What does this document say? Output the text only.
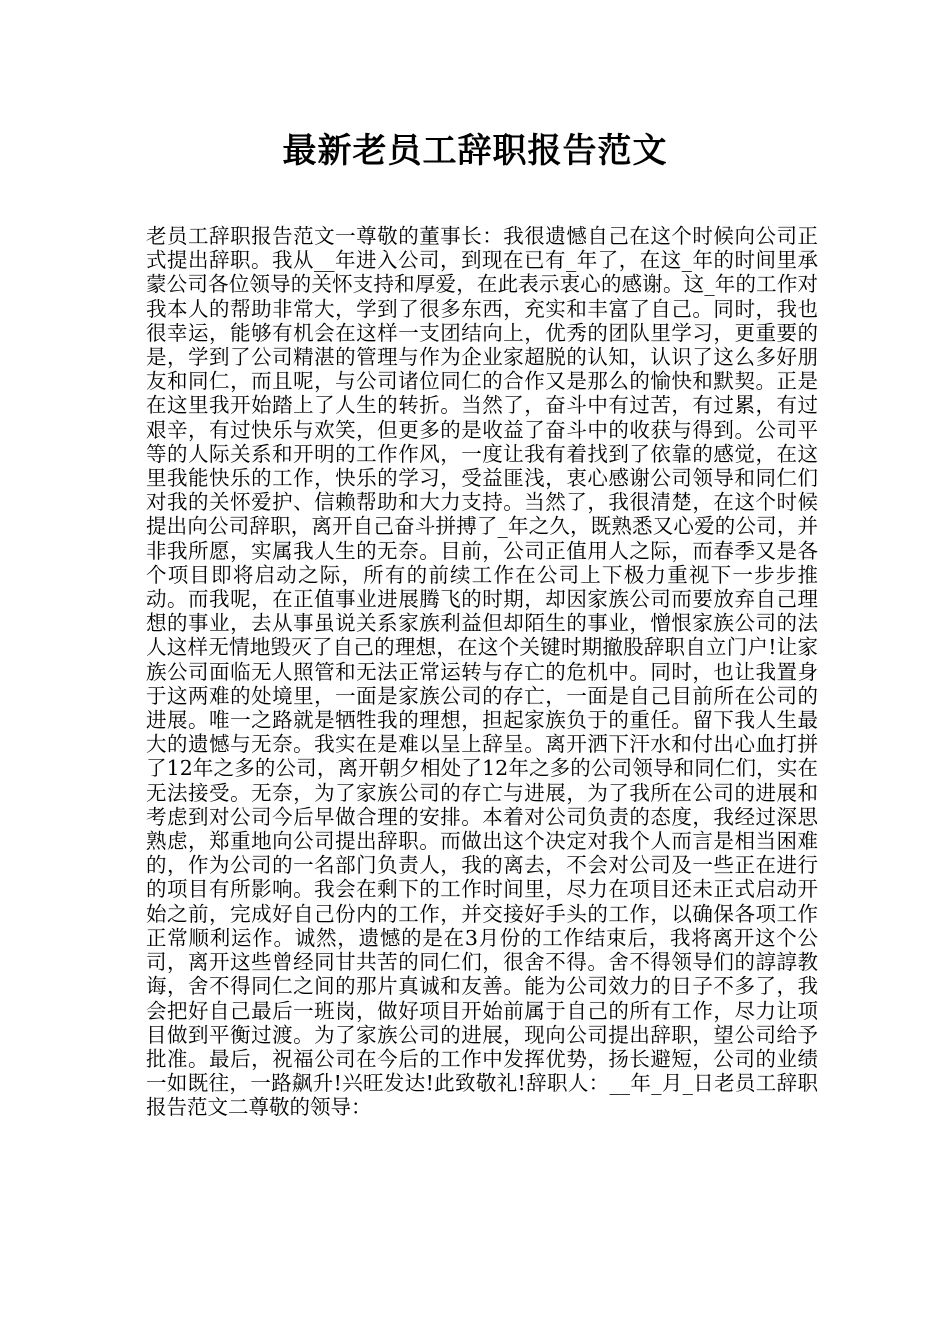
最新老员工辞职报告范文

老员工辞职报告范文一尊敬的董事长：我很遗憾自己在这个时候向公司正式提出辞职。我从__年进入公司，到现在已有_年了，在这_年的时间里承蒙公司各位领导的关怀支持和厚爱，在此表示衷心的感谢。这_年的工作对我本人的帮助非常大，学到了很多东西，充实和丰富了自己。同时，我也很幸运，能够有机会在这样一支团结向上，优秀的团队里学习，更重要的是，学到了公司精湛的管理与作为企业家超脱的认知，认识了这么多好朋友和同仁，而且呢，与公司诸位同仁的合作又是那么的愉快和默契。正是在这里我开始踏上了人生的转折。当然了，奋斗中有过苦，有过累，有过艰辛，有过快乐与欢笑，但更多的是收益了奋斗中的收获与得到。公司平等的人际关系和开明的工作作风，一度让我有着找到了依靠的感觉，在这里我能快乐的工作，快乐的学习，受益匪浅，衷心感谢公司领导和同仁们对我的关怀爱护、信赖帮助和大力支持。当然了，我很清楚，在这个时候提出向公司辞职，离开自己奋斗拼搏了_年之久，既熟悉又心爱的公司，并非我所愿，实属我人生的无奈。目前，公司正值用人之际，而春季又是各个项目即将启动之际，所有的前续工作在公司上下极力重视下一步步推动。而我呢，在正值事业进展腾飞的时期，却因家族公司而要放弃自己理想的事业，去从事虽说关系家族利益但却陌生的事业，憎恨家族公司的法人这样无情地毁灭了自己的理想，在这个关键时期撤股辞职自立门户!让家族公司面临无人照管和无法正常运转与存亡的危机中。同时，也让我置身于这两难的处境里，一面是家族公司的存亡，一面是自己目前所在公司的进展。唯一之路就是牺牲我的理想，担起家族负于的重任。留下我人生最大的遗憾与无奈。我实在是难以呈上辞呈。离开洒下汗水和付出心血打拼了12年之多的公司，离开朝夕相处了12年之多的公司领导和同仁们，实在无法接受。无奈，为了家族公司的存亡与进展，为了我所在公司的进展和考虑到对公司今后早做合理的安排。本着对公司负责的态度，我经过深思熟虑，郑重地向公司提出辞职。而做出这个决定对我个人而言是相当困难的，作为公司的一名部门负责人，我的离去，不会对公司及一些正在进行的项目有所影响。我会在剩下的工作时间里，尽力在项目还未正式启动开始之前，完成好自己份内的工作，并交接好手头的工作，以确保各项工作正常顺利运作。诚然，遗憾的是在3月份的工作结束后，我将离开这个公司，离开这些曾经同甘共苦的同仁们，很舍不得。舍不得领导们的諄諄教诲，舍不得同仁之间的那片真诚和友善。能为公司效力的日子不多了，我会把好自己最后一班岗，做好项目开始前属于自己的所有工作，尽力让项目做到平衡过渡。为了家族公司的进展，现向公司提出辞职，望公司给予批准。最后，祝福公司在今后的工作中发挥优势，扬长避短，公司的业绩一如既往，一路飙升!兴旺发达!此致敬礼!辞职人：__年_月_日老员工辞职报告范文二尊敬的领导：
